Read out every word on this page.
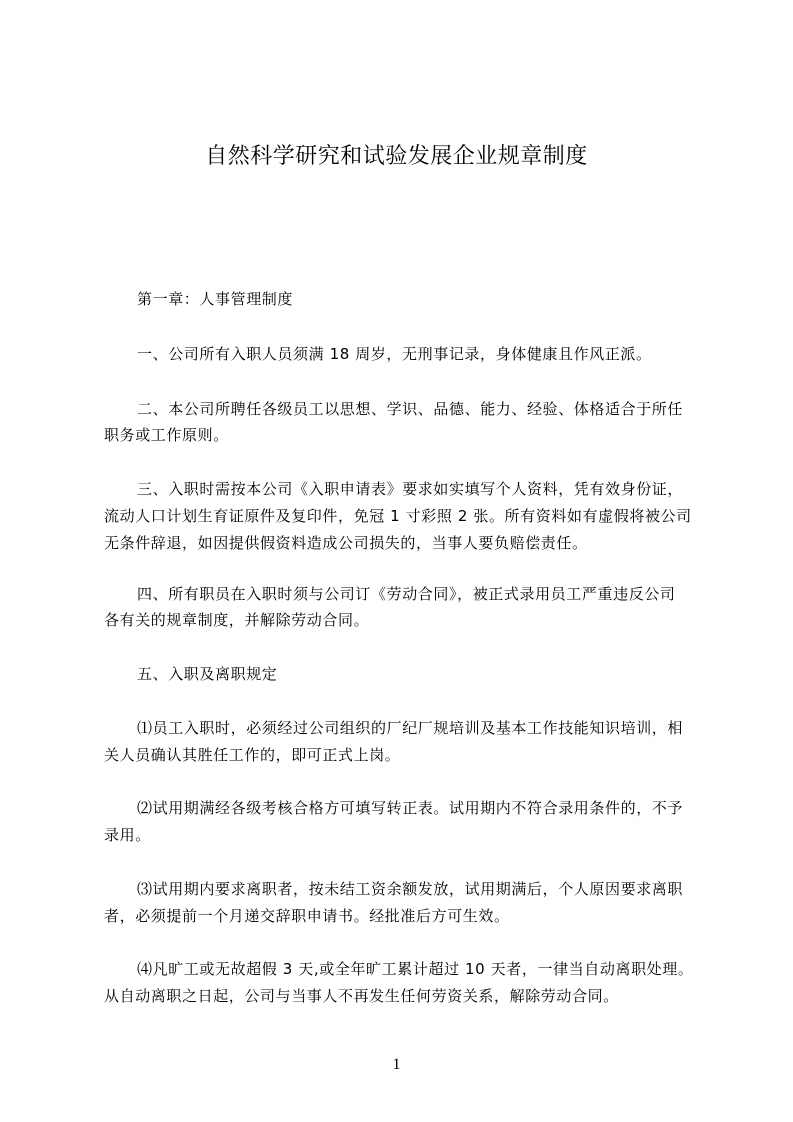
自然科学研究和试验发展企业规章制度
第一章：人事管理制度
一、公司所有入职人员须满 18 周岁，无刑事记录，身体健康且作风正派。
二、本公司所聘任各级员工以思想、学识、品德、能力、经验、体格适合于所任
职务或工作原则。
三、入职时需按本公司《入职申请表》要求如实填写个人资料，凭有效身份证，
流动人口计划生育证原件及复印件，免冠 1 寸彩照 2 张。所有资料如有虚假将被公司
无条件辞退，如因提供假资料造成公司损失的，当事人要负赔偿责任。
四、所有职员在入职时须与公司订《劳动合同》，被正式录用员工严重违反公司
各有关的规章制度，并解除劳动合同。
五、入职及离职规定
⑴员工入职时，必须经过公司组织的厂纪厂规培训及基本工作技能知识培训，相
关人员确认其胜任工作的，即可正式上岗。
⑵试用期满经各级考核合格方可填写转正表。试用期内不符合录用条件的，不予
录用。
⑶试用期内要求离职者，按未结工资余额发放，试用期满后，个人原因要求离职
者，必须提前一个月递交辞职申请书。经批准后方可生效。
⑷凡旷工或无故超假 3 天,或全年旷工累计超过 10 天者，一律当自动离职处理。
从自动离职之日起，公司与当事人不再发生任何劳资关系，解除劳动合同。
1
